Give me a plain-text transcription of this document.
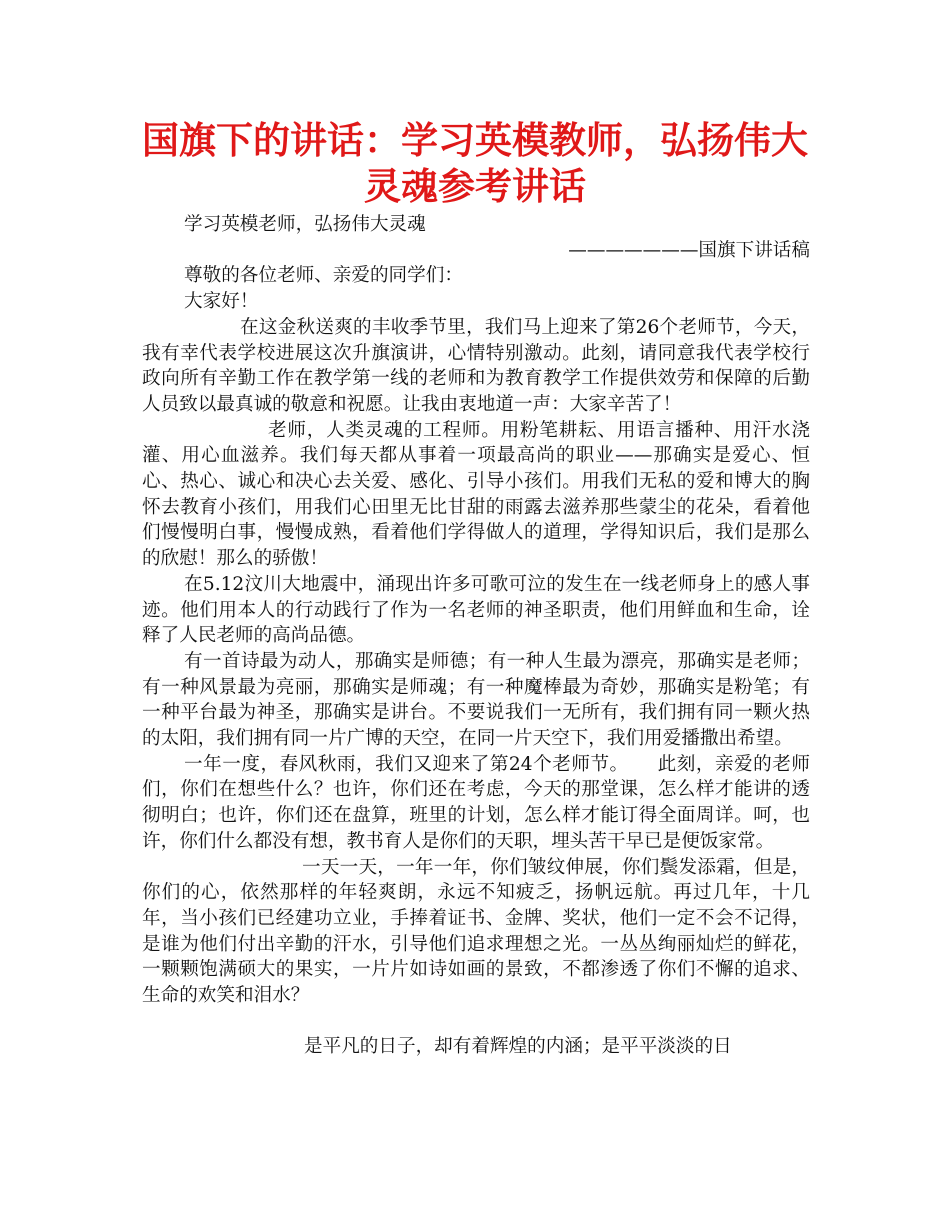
国旗下的讲话：学习英模教师，弘扬伟大灵魂参考讲话

学习英模老师，弘扬伟大灵魂

———————国旗下讲话稿

尊敬的各位老师、亲爱的同学们：

大家好！

在这金秋送爽的丰收季节里，我们马上迎来了第26个老师节，今天，我有幸代表学校进展这次升旗演讲，心情特别激动。此刻，请同意我代表学校行政向所有辛勤工作在教学第一线的老师和为教育教学工作提供效劳和保障的后勤人员致以最真诚的敬意和祝愿。让我由衷地道一声：大家辛苦了！

老师，人类灵魂的工程师。用粉笔耕耘、用语言播种、用汗水浇灌、用心血滋养。我们每天都从事着一项最高尚的职业——那确实是爱心、恒心、热心、诚心和决心去关爱、感化、引导小孩们。用我们无私的爱和博大的胸怀去教育小孩们，用我们心田里无比甘甜的雨露去滋养那些蒙尘的花朵，看着他们慢慢明白事，慢慢成熟，看着他们学得做人的道理，学得知识后，我们是那么的欣慰！那么的骄傲！

在5.12汶川大地震中，涌现出许多可歌可泣的发生在一线老师身上的感人事迹。他们用本人的行动践行了作为一名老师的神圣职责，他们用鲜血和生命，诠释了人民老师的高尚品德。

有一首诗最为动人，那确实是师德；有一种人生最为漂亮，那确实是老师；有一种风景最为亮丽，那确实是师魂；有一种魔棒最为奇妙，那确实是粉笔；有一种平台最为神圣，那确实是讲台。不要说我们一无所有，我们拥有同一颗火热的太阳，我们拥有同一片广博的天空，在同一片天空下，我们用爱播撒出希望。

一年一度，春风秋雨，我们又迎来了第24个老师节。　　此刻，亲爱的老师们，你们在想些什么？也许，你们还在考虑，今天的那堂课，怎么样才能讲的透彻明白；也许，你们还在盘算，班里的计划，怎么样才能订得全面周详。呵，也许，你们什么都没有想，教书育人是你们的天职，埋头苦干早已是便饭家常。

一天一天，一年一年，你们皱纹伸展，你们鬓发添霜，但是，你们的心，依然那样的年轻爽朗，永远不知疲乏，扬帆远航。再过几年，十几年，当小孩们已经建功立业，手捧着证书、金牌、奖状，他们一定不会不记得，是谁为他们付出辛勤的汗水，引导他们追求理想之光。一丛丛绚丽灿烂的鲜花，一颗颗饱满硕大的果实，一片片如诗如画的景致，不都渗透了你们不懈的追求、生命的欢笑和泪水？

是平凡的日子，却有着辉煌的内涵；是平平淡淡的日
